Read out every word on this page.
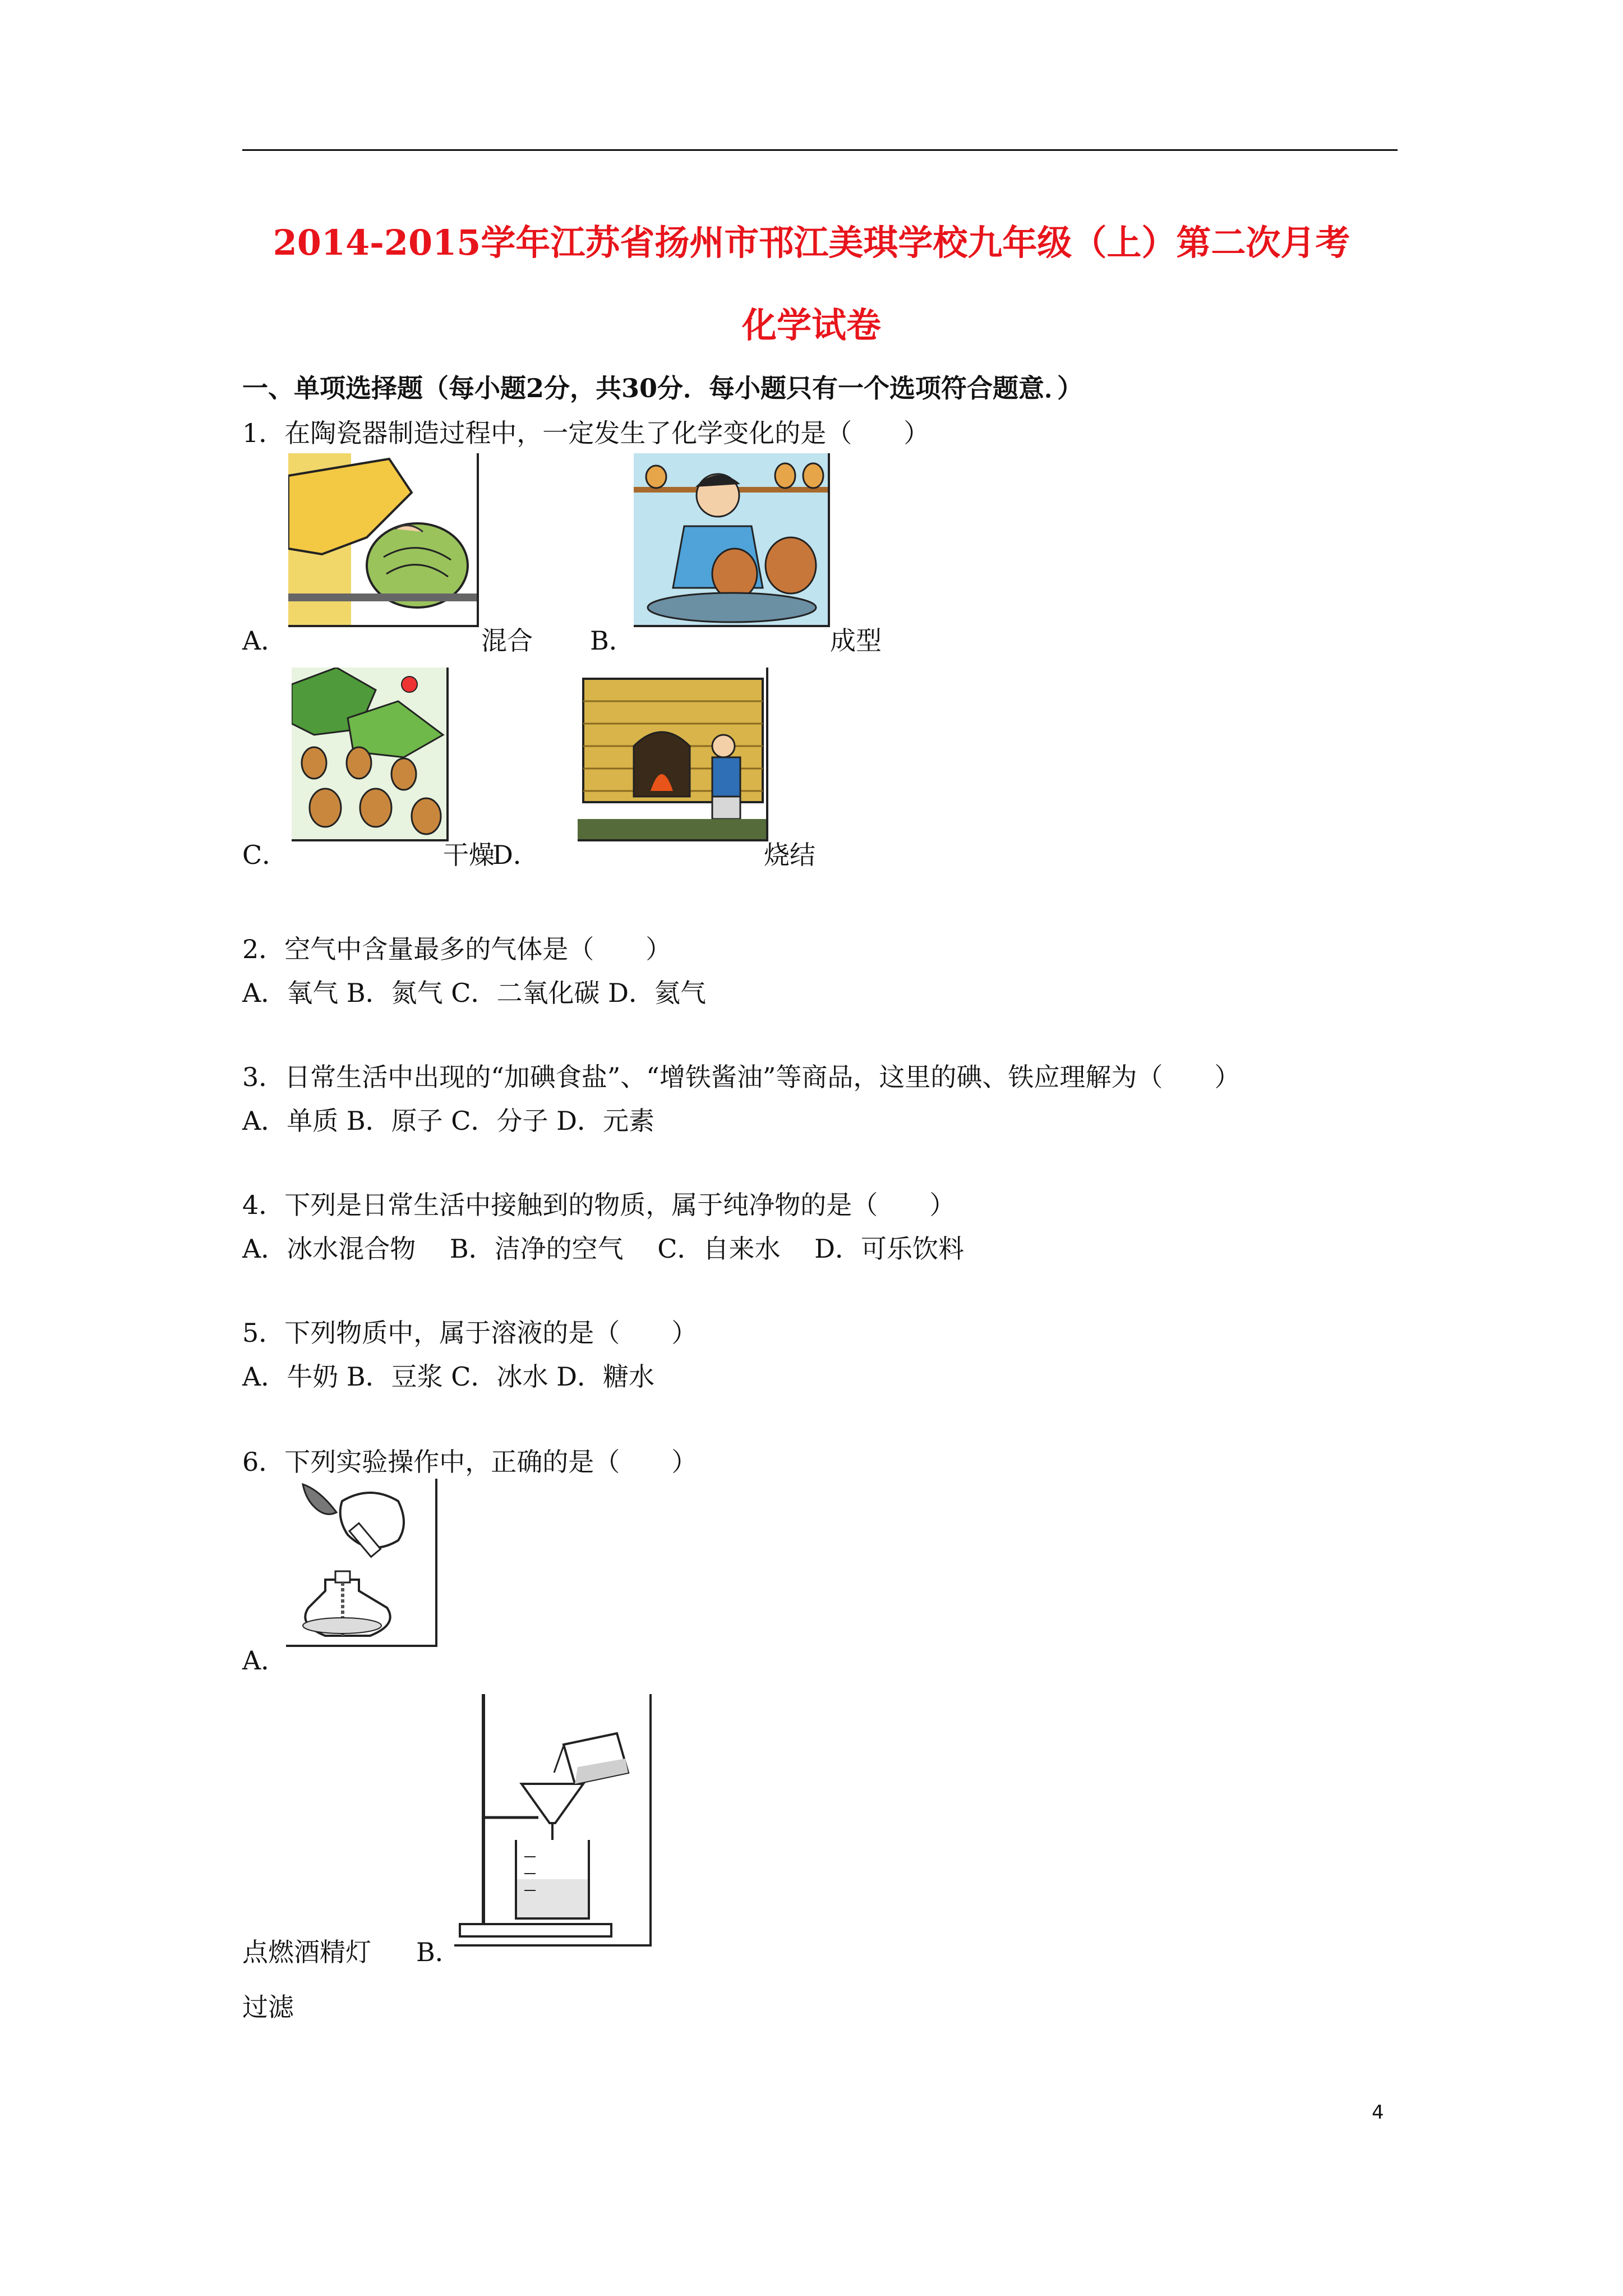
2014-2015学年江苏省扬州市邗江美琪学校九年级（上）第二次月考
化学试卷
一、单项选择题（每小题2分，共30分．每小题只有一个选项符合题意．）
1．在陶瓷器制造过程中，一定发生了化学变化的是（　　）
A．	混合 B．	成型
C．	干燥
D．	烧结
2．空气中含量最多的气体是（　　）
A．氧气 B．氮气 C．二氧化碳 D．氦气
3．日常生活中出现的“加碘食盐”、“增铁酱油”等商品，这里的碘、铁应理解为（　　）
A．单质 B．原子 C．分子 D．元素
4．下列是日常生活中接触到的物质，属于纯净物的是（　　）
A．冰水混合物　 B．洁净的空气　 C．自来水　 D．可乐饮料
5．下列物质中，属于溶液的是（　　）
A．牛奶 B．豆浆 C．冰水 D．糖水
6．下列实验操作中，正确的是（　　）
A．
点燃酒精灯 B．
过滤
4
